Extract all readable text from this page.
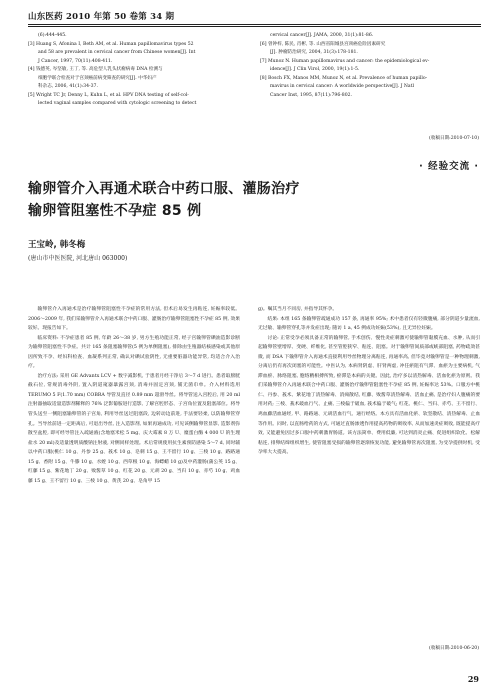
山东医药 2010 年第 50 卷第 34 期
(6):444-445.
[3] Huang S, Afonina I, Beth AM, et al. Human papillomavirus types 52
and 58 are prevalent in cervical cancer from Chinese women[J]. Int
J Cancer, 1997, 70(11):408-411.
[4] 钱德英, 岑坚敏, 王丁, 等. 高危型人乳头状瘤病毒 DNA 检测与
细胞学联合检查对于宫颈癌前病变筛查的研究[J]. 中华妇产
科杂志, 2006, 41(1):34-37.
[5] Wright TC Jr, Denny L, Kuhn L, et al. HPV DNA testing of self-col-
lected vaginal samples compared with cytologic screening to detect
cervical cancer[J]. JAMA, 2000, 31(1):81-86.
[6] 曾钟梓, 陈民, 肖彬, 等. 山西省阳城县宫颈癌危险因素研究
[J]. 肿瘤防治研究, 2004, 31(3):178-181.
[7] Munoz N. Human papillomavirus and cancer: the epidemiological ev-
idence[J]. J Clin Virol, 2000, 19(1):1-5.
[8] Bosch FX, Manos MM, Munoz N, et al. Prevalence of human papillo-
mavirus in cervical cancer: A worldwide perspective[J]. J Natl
Cancer Inst, 1995, 87(11):796-802.
(收稿日期:2010-07-10)
· 经验交流 ·
输卵管介入再通术联合中药口服、灌肠治疗
输卵管阻塞性不孕症 85 例
王宝岭, 韩冬梅
(唐山市中医医院, 河北唐山 063000)

输卵管介入再通术是治疗输卵管阻塞性不孕症的常用方法, 但术后易发生再粘连, 妊娠率较低。2006～2009 年, 我们采输卵管介入再通术联合中药口服、灌肠治疗输卵管阻塞性不孕症 85 例, 效果较好。现报告如下。

临床资料: 不孕症患者 85 例, 年龄 26～38 岁, 男方生殖功能正常, 经子宫输卵管碘油造影诊断为输卵管阻塞性不孕症。共计 165 条阻塞输卵管(5 例为单侧阻塞), 排除由生殖器结核感染或其他原因所致不孕、经妇科检查、血凝系列正常, 确认对碘试验阴性, 无重要脏器功能异常, 均适合介入治疗。

治疗方法: 采用 GE Advantx LCV + 数字减影机, 于患者月经干净后 3～7 d 进行。患者取膀胱截石位, 常规消毒外阴, 置入阴道窥器暴露宫颈, 消毒并固定宫颈, 铺无菌巾单。介入材料选用 TERUMO 5 F(1.70 mm) COBRA 导管及直径 0.89 mm 超滑导丝。将导管送入宫腔后, 用 20 ml 注射器抽取适量造影剂稀释的 76% 泛影葡胺进行造影, 了解宫腔形态、子宫角位置及阻塞部位。将导管头送至一侧阻塞输卵管的子宫角, 利用导丝送过阻塞段, 边转动边前进, 手法要轻柔, 以防输卵管穿孔。当导丝前进一定距离后, 可退出导丝, 注入造影剂, 如果再通成功, 可见该侧输卵管显影, 造影剂弥散至盆腔, 即可经导管注入疏通液(含地塞米松 5 mg、庆大霉素 8 万 U、糜蛋白酶 4 000 U 的生理盐水 20 ml)及适量透明质酸钠注射液, 对侧同样处理。术后常规使用抗生素预防感染 5～7 d, 同时辅以中药口服(桃仁 10 g、丹参 25 g、莪术 10 g、皂刺 15 g、王不留行 10 g、三棱 10 g、路路通 15 g、香附 15 g、牛膝 10 g、水蛭 10 g、西草根 10 g、海螵蛸 10 g)及中药灌肠(蒲公英 15 g、红藤 15 g、紫花地丁 20 g、败酱草 10 g、红花 20 g、元胡 20 g、当归 10 g、赤芍 10 g、鸡血藤 15 g、王不留行 10 g、三棱 10 g、黄芪 20 g、皂角甲 15

g)。嘱其当月不同房, 并指导其怀孕。

结果: 本组 165 条输卵管疏通成功 157 条, 再通率 95%; 术中患者仅有轻微腹痛, 部分阴道少量流血, 无过敏、输卵管穿孔等并发症出现; 随访 1 a, 45 例成功妊娠(53%), 且无异位妊娠。

讨论: 正常受孕必须具备正常的输卵管, 手术创伤、慢性炎症刺激可使输卵管黏膜充血、水肿, 从而引起输卵管壁增厚、变硬、纤维化, 甚至管腔狭窄、粘连、阻塞。对于输卵管间质部或峡部阻塞, 药物疏效甚微, 而 DSA 下输卵管介入再通术直接利用导丝物理分离粘连, 再通率高, 但毕竟对输卵管是一种物理刺激, 分离后仍有再次闭塞的可能性。中医认为, 本病肾阴虚、肝肾两虚, 冲任瘀阻有气滞、血瘀为主要病机, 气滞血瘀、脉络阻塞, 胞络精相搏所致, 瘀滞是本病的关键。因此, 治疗多以清热解毒、活血化瘀为原则。我们采输卵管介入再通术联合中药口服、灌肠治疗输卵管阻塞性不孕症 85 例, 妊娠率达 53%。口服方中桃仁、丹参、莪术、紫花地丁清热解毒、消痈散结, 红藤、败酱草清热解毒、活血止痛, 是治疗妇人腹痛的要用对药; 三棱、莪术破血行气、止痛, 三棱偏于破血, 莪术偏于破气; 红花、桃仁、当归、赤芍、王不留行、鸡血藤活血通经, 甲、路路通、元胡活血行气、通行经络。本方具有活血化瘀、软坚散结、清热解毒、止血等作用。同时, 以直肠给药的方式, 可通过直肠渗透作用提高药物的吸收率, 从而加速炎症吸收, 既能提高疗效, 又能避免因过多口服中药刺激胃肠道。该方法简单、费用低廉, 可达到消炎止痛、促进组织软化、松解粘连, 排卵结缔组织增生, 使管阻塞受损的输卵管逐渐恢复功能, 避免输卵管再次阻塞, 为受孕提供时机, 受孕率大大提高。

(收稿日期:2010-06-20)
29
